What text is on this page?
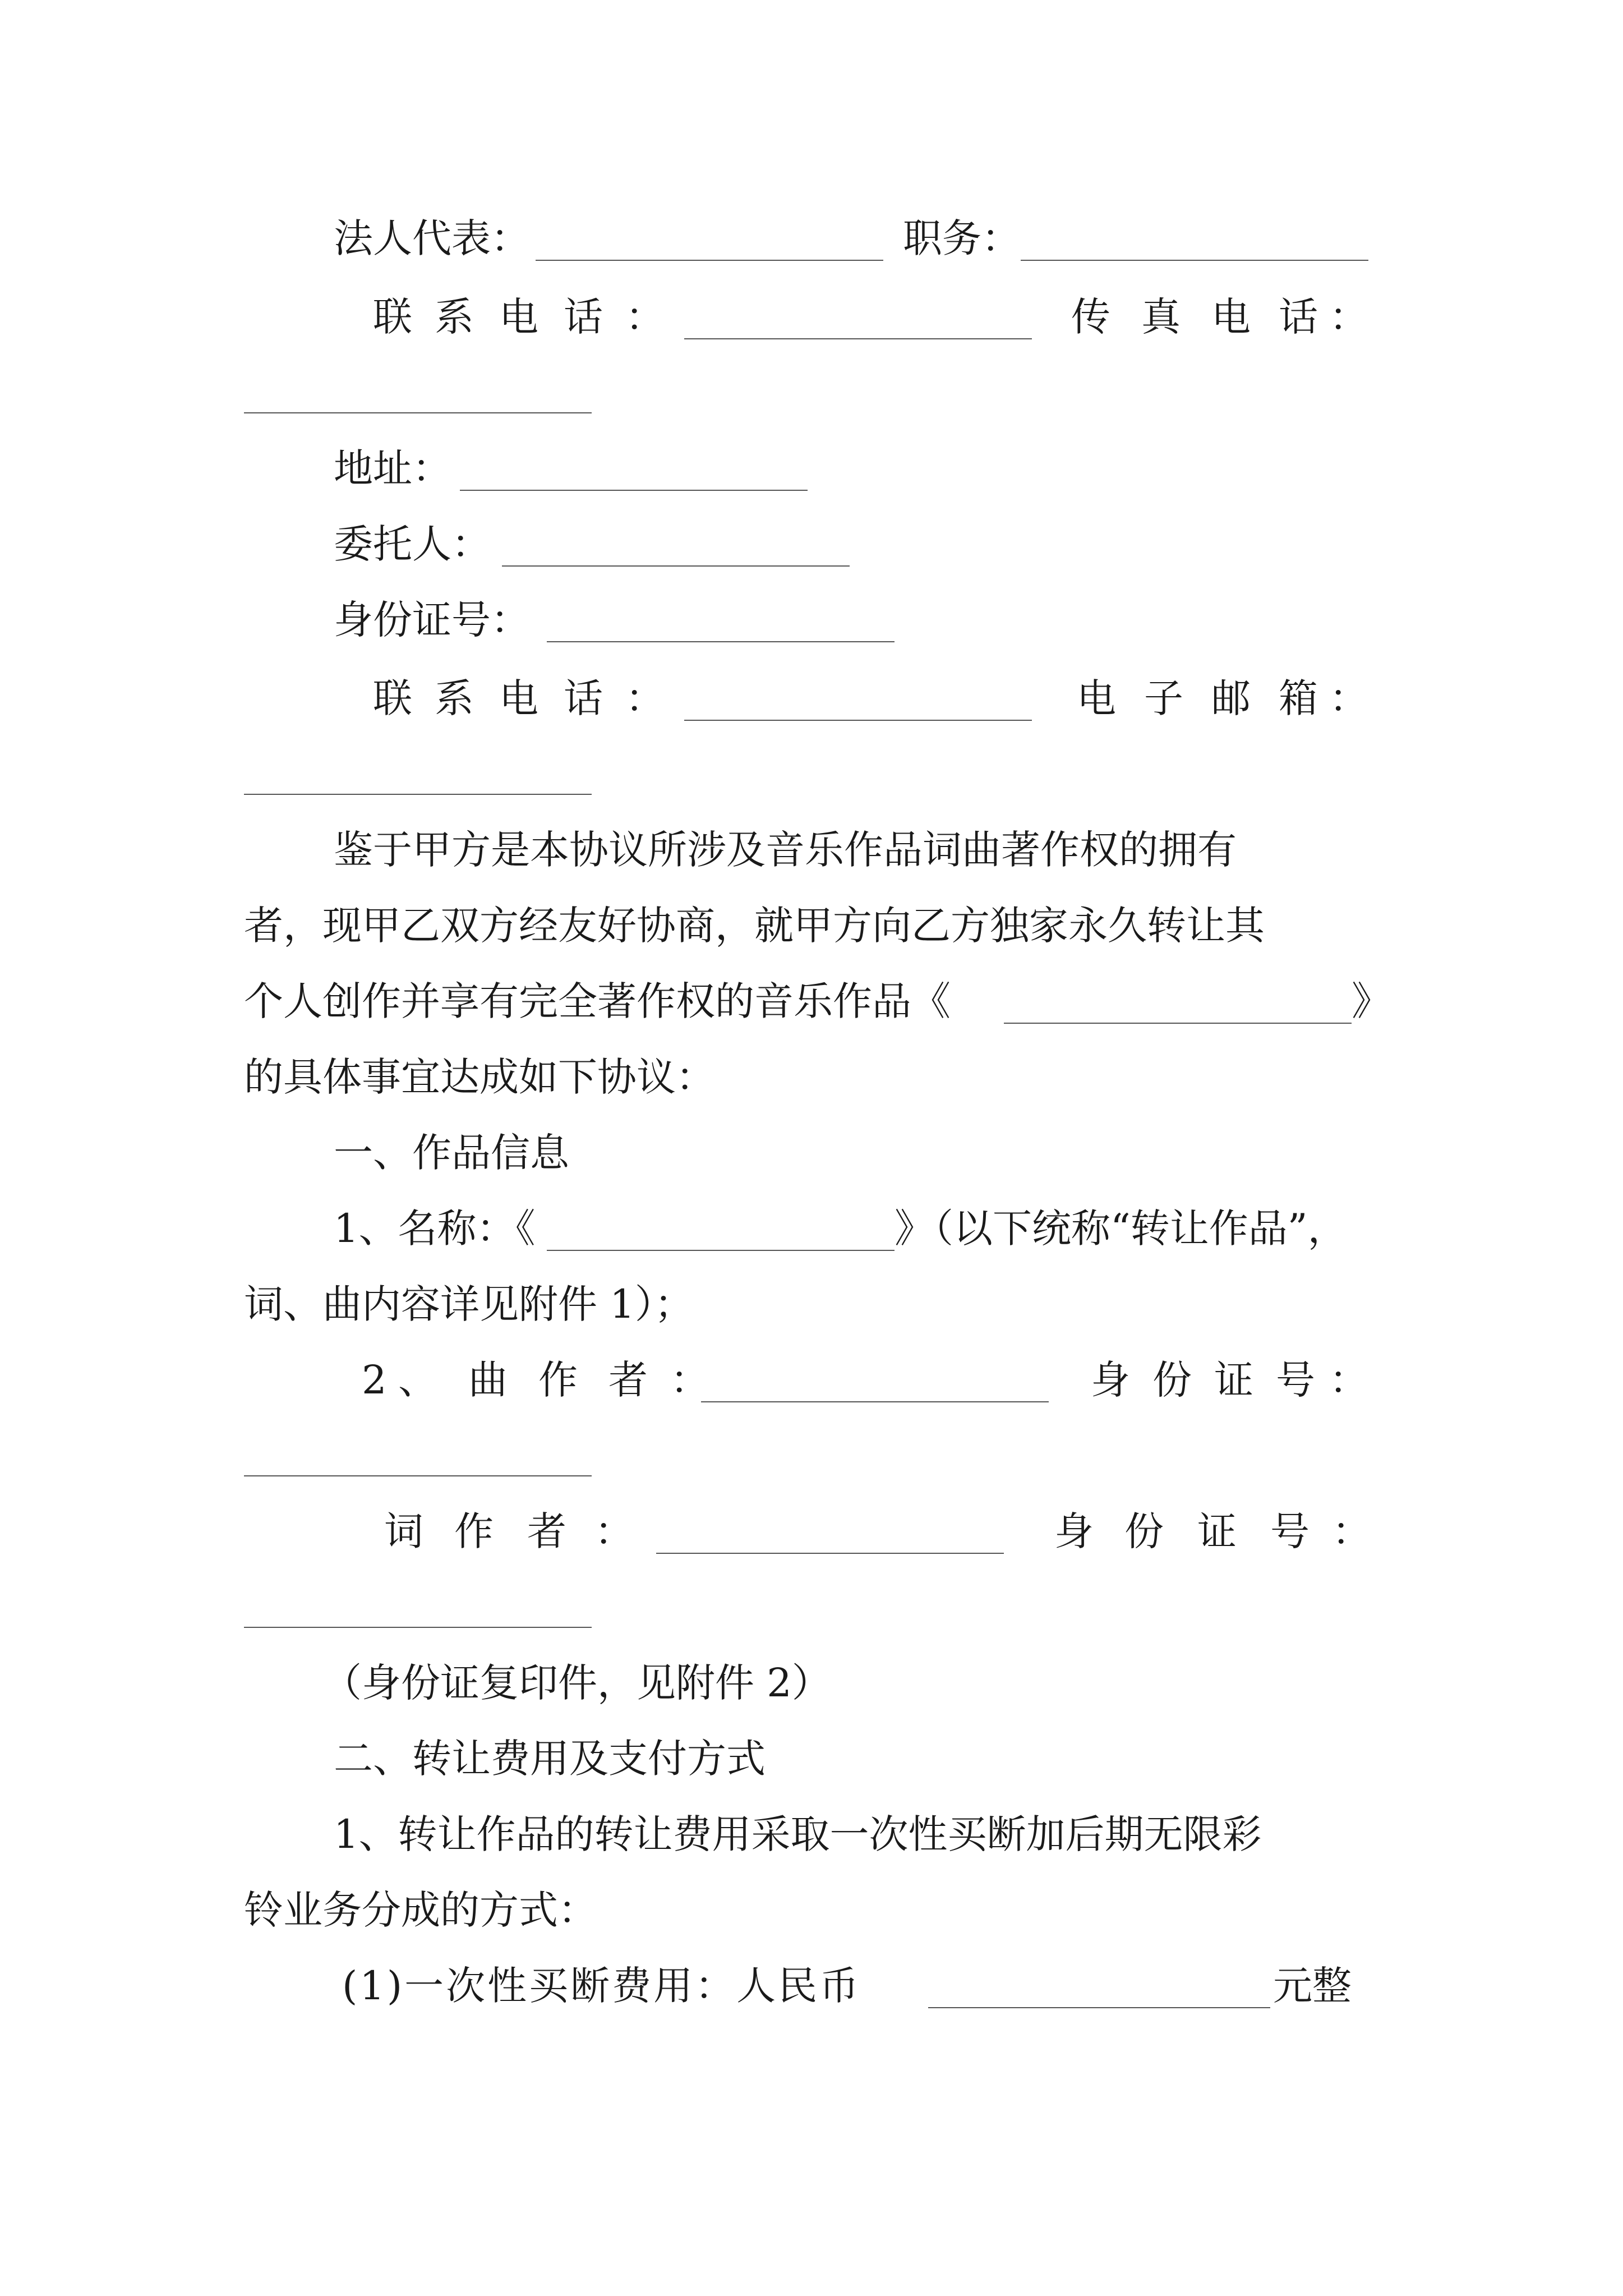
法人代表：	职务：
联 系 电 话 ：	传 真 电 话 ：
地址：
委托人：
身份证号：
联 系 电 话 ：	电 子 邮 箱 ：
鉴于甲方是本协议所涉及音乐作品词曲著作权的拥有
者，现甲乙双方经友好协商，就甲方向乙方独家永久转让其
个人创作并享有完全著作权的音乐作品《	》
的具体事宜达成如下协议：
一、作品信息
1、名称：《	》（以下统称“转让作品”，
词、曲内容详见附件 1）；
2 、 曲 作 者 ：	身 份 证 号 ：
词 作 者 ：	身 份 证 号 ：
（身份证复印件，见附件 2）
二、转让费用及支付方式
1、转让作品的转让费用采取一次性买断加后期无限彩
铃业务分成的方式：
(1)一次性买断费用：人民币	元整
